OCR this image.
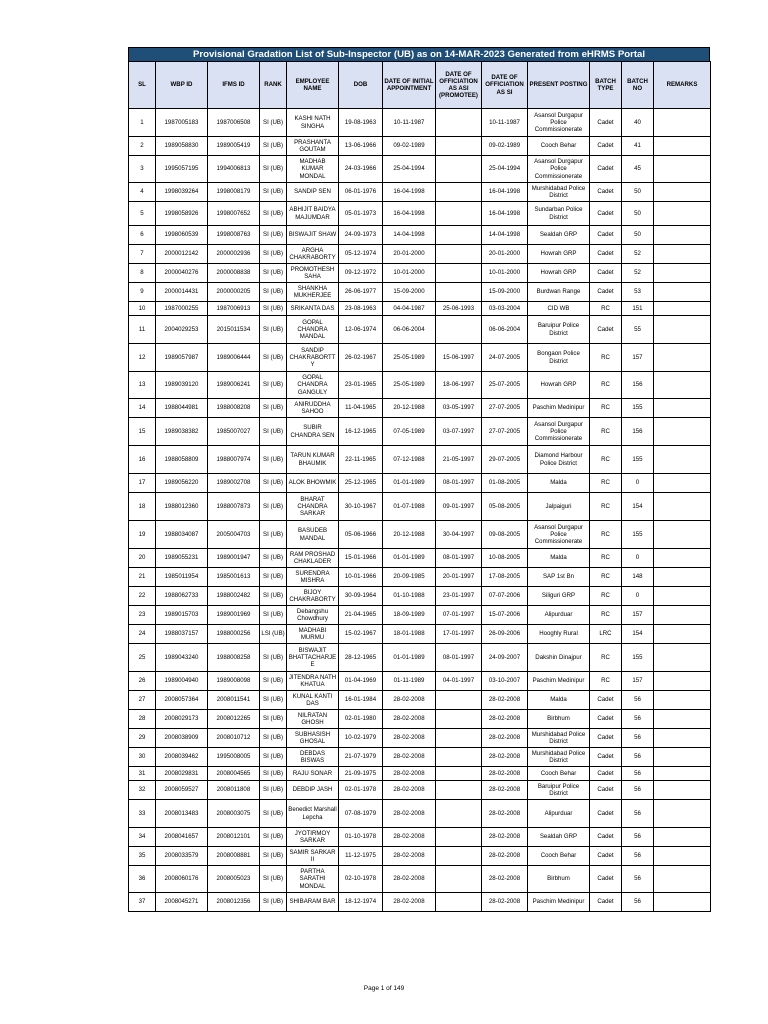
Provisional Gradation List of Sub-Inspector (UB) as on 14-MAR-2023 Generated from eHRMS Portal
SL	WBP ID	IFMS ID	RANK	EMPLOYEE NAME	DOB	DATE OF INITIAL APPOINTMENT	DATE OF OFFICIATION AS ASI (PROMOTEE)	DATE OF OFFICIATION AS SI	PRESENT POSTING	BATCH TYPE	BATCH NO	REMARKS
1	1987005183	1987006508	SI (UB)	KASHI NATH SINGHA	19-08-1963	10-11-1987		10-11-1987	Asansol Durgapur Police Commissionerate	Cadet	40	
2	1989058830	1989005419	SI (UB)	PRASHANTA GOUTAM	13-06-1966	09-02-1989		09-02-1989	Cooch Behar	Cadet	41	
3	1995057195	1994006813	SI (UB)	MADHAB KUMAR MONDAL	24-03-1966	25-04-1994		25-04-1994	Asansol Durgapur Police Commissionerate	Cadet	45	
4	1998039264	1998008179	SI (UB)	SANDIP SEN	06-01-1976	16-04-1998		16-04-1998	Murshidabad Police District	Cadet	50	
5	1998058926	1998007652	SI (UB)	ABHIJIT BAIDYA MAJUMDAR	05-01-1973	16-04-1998		16-04-1998	Sundarban Police District	Cadet	50	
6	1998060539	1998008763	SI (UB)	BISWAJIT SHAW	24-09-1973	14-04-1998		14-04-1998	Sealdah GRP	Cadet	50	
7	2000012142	2000002936	SI (UB)	ARGHA CHAKRABORTY	05-12-1974	20-01-2000		20-01-2000	Howrah GRP	Cadet	52	
8	2000040276	2000008838	SI (UB)	PROMOTHESH SAHA	09-12-1972	10-01-2000		10-01-2000	Howrah GRP	Cadet	52	
9	2000014431	2000000205	SI (UB)	SHANKHA MUKHERJEE	26-06-1977	15-09-2000		15-09-2000	Burdwan Range	Cadet	53	
10	1987000255	1987006913	SI (UB)	SRIKANTA DAS	23-08-1963	04-04-1987	25-06-1993	03-03-2004	CID WB	RC	151	
11	2004029253	2015011534	SI (UB)	GOPAL CHANDRA MANDAL	12-06-1974	06-06-2004		06-06-2004	Baruipur Police District	Cadet	55	
12	1989057987	1989006444	SI (UB)	SANDIP CHAKRABORTTY	26-02-1967	25-05-1989	15-06-1997	24-07-2005	Bongaon Police District	RC	157	
13	1989039120	1989006241	SI (UB)	GOPAL CHANDRA GANGULY	23-01-1965	25-05-1989	18-06-1997	25-07-2005	Howrah GRP	RC	156	
14	1988044981	1988008208	SI (UB)	ANIRUDDHA SAHOO	11-04-1965	20-12-1988	03-05-1997	27-07-2005	Paschim Medinipur	RC	155	
15	1989038382	1985007027	SI (UB)	SUBIR CHANDRA SEN	16-12-1965	07-05-1989	03-07-1997	27-07-2005	Asansol Durgapur Police Commissionerate	RC	156	
16	1988058809	1988007974	SI (UB)	TARUN KUMAR BHAUMIK	22-11-1965	07-12-1988	21-05-1997	29-07-2005	Diamond Harbour Police District	RC	155	
17	1989056220	1989002708	SI (UB)	ALOK BHOWMIK	25-12-1965	01-01-1989	08-01-1997	01-08-2005	Malda	RC	0	
18	1988012360	1988007873	SI (UB)	BHARAT CHANDRA SARKAR	30-10-1967	01-07-1988	09-01-1997	05-08-2005	Jalpaiguri	RC	154	
19	1988034087	2005004703	SI (UB)	BASUDEB MANDAL	05-06-1966	20-12-1988	30-04-1997	09-08-2005	Asansol Durgapur Police Commissionerate	RC	155	
20	1989055231	1989001947	SI (UB)	RAM PROSHAD CHAKLADER	15-01-1966	01-01-1989	08-01-1997	10-08-2005	Malda	RC	0	
21	1985011954	1985001613	SI (UB)	SURENDRA MISHRA	10-01-1966	20-09-1985	20-01-1997	17-08-2005	SAP 1st Bn	RC	148	
22	1988062733	1988002482	SI (UB)	BIJOY CHAKRABORTY	30-09-1964	01-10-1988	23-01-1997	07-07-2006	Siliguri GRP	RC	0	
23	1989015703	1989001969	SI (UB)	Debangshu Chowdhury	21-04-1965	18-09-1989	07-01-1997	15-07-2006	Alipurduar	RC	157	
24	1988037157	1988000256	LSI (UB)	MADHABI MURMU	15-02-1967	18-01-1988	17-01-1997	26-09-2006	Hooghly Rural	LRC	154	
25	1989043240	1988008258	SI (UB)	BISWAJIT BHATTACHARJEE	28-12-1965	01-01-1989	08-01-1997	24-09-2007	Dakshin Dinajpur	RC	155	
26	1989004940	1989008098	SI (UB)	JITENDRA NATH KHATUA	01-04-1969	01-11-1989	04-01-1997	03-10-2007	Paschim Medinipur	RC	157	
27	2008057364	2008011541	SI (UB)	KUNAL KANTI DAS	16-01-1984	28-02-2008		28-02-2008	Malda	Cadet	56	
28	2008029173	2008012265	SI (UB)	NILRATAN GHOSH	02-01-1980	28-02-2008		28-02-2008	Birbhum	Cadet	56	
29	2008038909	2008010712	SI (UB)	SUBHASISH GHOSAL	10-02-1979	28-02-2008		28-02-2008	Murshidabad Police District	Cadet	56	
30	2008039462	1995008005	SI (UB)	DEBDAS BISWAS	21-07-1979	28-02-2008		28-02-2008	Murshidabad Police District	Cadet	56	
31	2008029831	2008004565	SI (UB)	RAJU SONAR	21-09-1975	28-02-2008		28-02-2008	Cooch Behar	Cadet	56	
32	2008059527	2008011808	SI (UB)	DEBDIP JASH	02-01-1978	28-02-2008		28-02-2008	Baruipur Police District	Cadet	56	
33	2008013483	2008003075	SI (UB)	Benedict Marshall Lepcha	07-08-1979	28-02-2008		28-02-2008	Alipurduar	Cadet	56	
34	2008041657	2008012101	SI (UB)	JYOTIRMOY SARKAR	01-10-1978	28-02-2008		28-02-2008	Sealdah GRP	Cadet	56	
35	2008033579	2008008881	SI (UB)	SAMIR SARKAR II	11-12-1975	28-02-2008		28-02-2008	Cooch Behar	Cadet	56	
36	2008060176	2008005023	SI (UB)	PARTHA SARATHI MONDAL	02-10-1978	28-02-2008		28-02-2008	Birbhum	Cadet	56	
37	2008045271	2008012356	SI (UB)	SHIBARAM BAR	18-12-1974	28-02-2008		28-02-2008	Paschim Medinipur	Cadet	56	
Page 1 of 149
